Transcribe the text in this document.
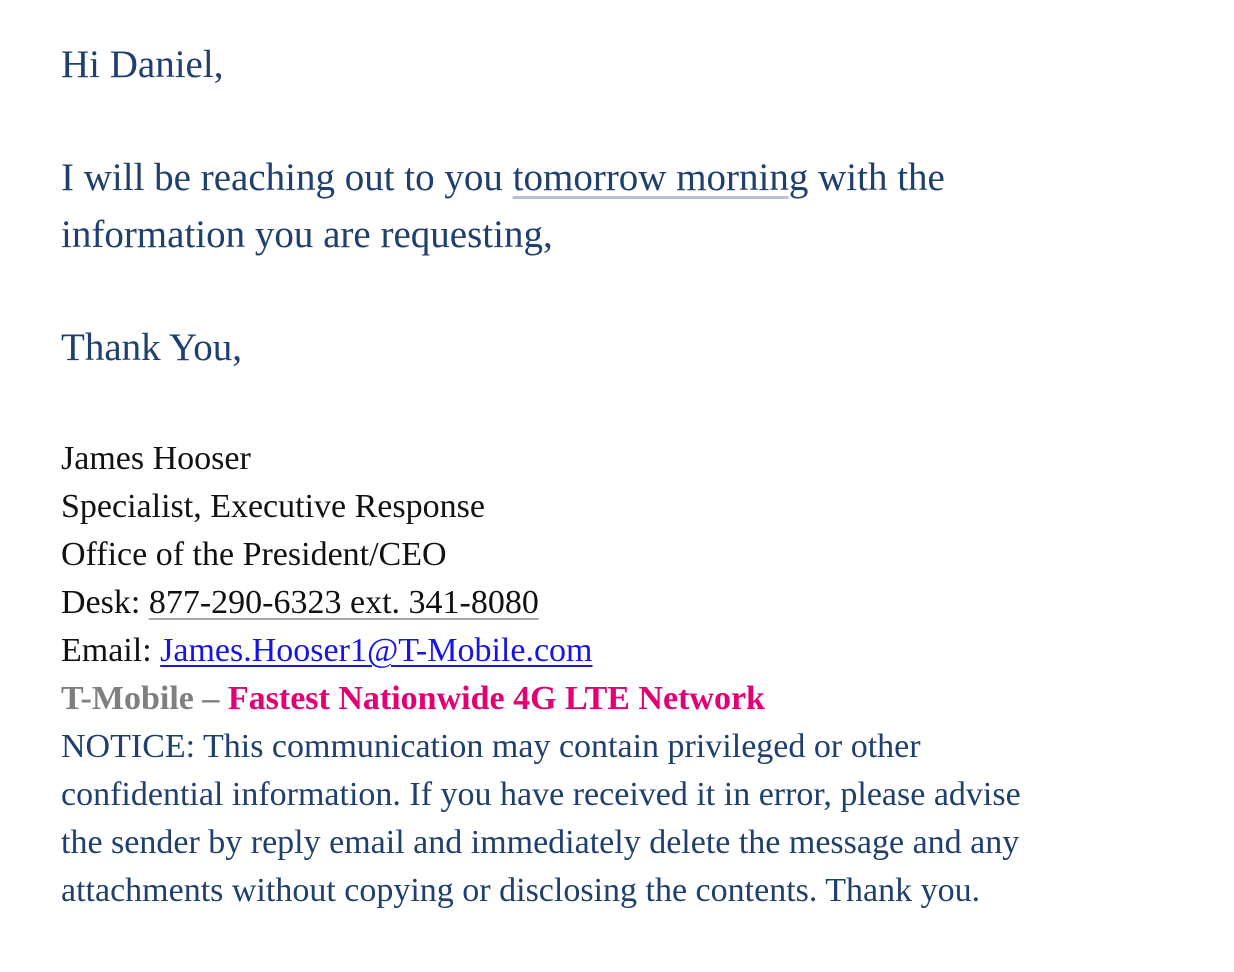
Hi Daniel,
I will be reaching out to you tomorrow morning with the
information you are requesting,
Thank You,
James Hooser
Specialist, Executive Response
Office of the President/CEO
Desk: 877-290-6323 ext. 341-8080
Email: James.Hooser1@T-Mobile.com
T-Mobile – Fastest Nationwide 4G LTE Network
NOTICE: This communication may contain privileged or other
confidential information. If you have received it in error, please advise
the sender by reply email and immediately delete the message and any
attachments without copying or disclosing the contents. Thank you.
